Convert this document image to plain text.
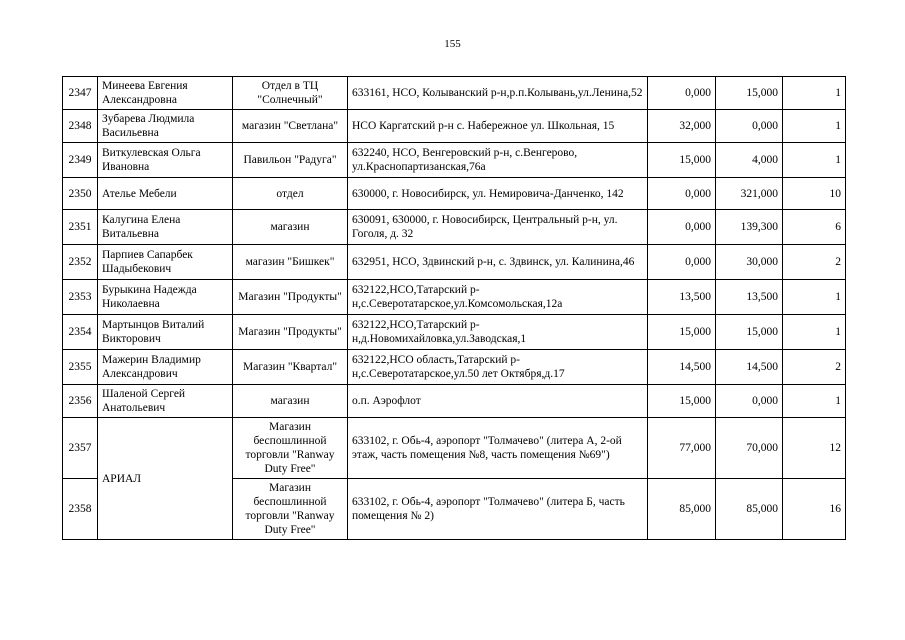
155
2347	Минеева Евгения Александровна	Отдел в ТЦ "Солнечный"	633161, НСО, Колыванский р-н,р.п.Колывань,ул.Ленина,52	0,000	15,000	1
2348	Зубарева Людмила Васильевна	магазин "Светлана"	НСО Каргатский р-н с. Набережное ул. Школьная, 15	32,000	0,000	1
2349	Виткулевская Ольга Ивановна	Павильон "Радуга"	632240, НСО, Венгеровский р-н, с.Венгерово, ул.Краснопартизанская,76а	15,000	4,000	1
2350	Ателье Мебели	отдел	630000, г. Новосибирск, ул. Немировича-Данченко, 142	0,000	321,000	10
2351	Калугина Елена Витальевна	магазин	630091, 630000, г. Новосибирск, Центральный р-н, ул. Гоголя, д. 32	0,000	139,300	6
2352	Парпиев Сапарбек Шадыбекович	магазин "Бишкек"	632951, НСО, Здвинский р-н, с. Здвинск, ул. Калинина,46	0,000	30,000	2
2353	Бурыкина Надежда Николаевна	Магазин "Продукты"	632122,НСО,Татарский р-н,с.Северотатарское,ул.Комсомольская,12а	13,500	13,500	1
2354	Мартынцов Виталий Викторович	Магазин "Продукты"	632122,НСО,Татарский р-н,д.Новомихайловка,ул.Заводская,1	15,000	15,000	1
2355	Мажерин Владимир Александрович	Магазин "Квартал"	632122,НСО область,Татарский р-н,с.Северотатарское,ул.50 лет Октября,д.17	14,500	14,500	2
2356	Шаленой Сергей Анатольевич	магазин	о.п. Аэрофлот	15,000	0,000	1
2357	АРИАЛ	Магазин беспошлинной торговли "Ranway Duty Free"	633102, г. Обь-4, аэропорт "Толмачево" (литера А, 2-ой этаж, часть помещения №8, часть помещения №69")	77,000	70,000	12
2358		Магазин беспошлинной торговли "Ranway Duty Free"	633102, г. Обь-4, аэропорт "Толмачево" (литера Б, часть помещения № 2)	85,000	85,000	16
